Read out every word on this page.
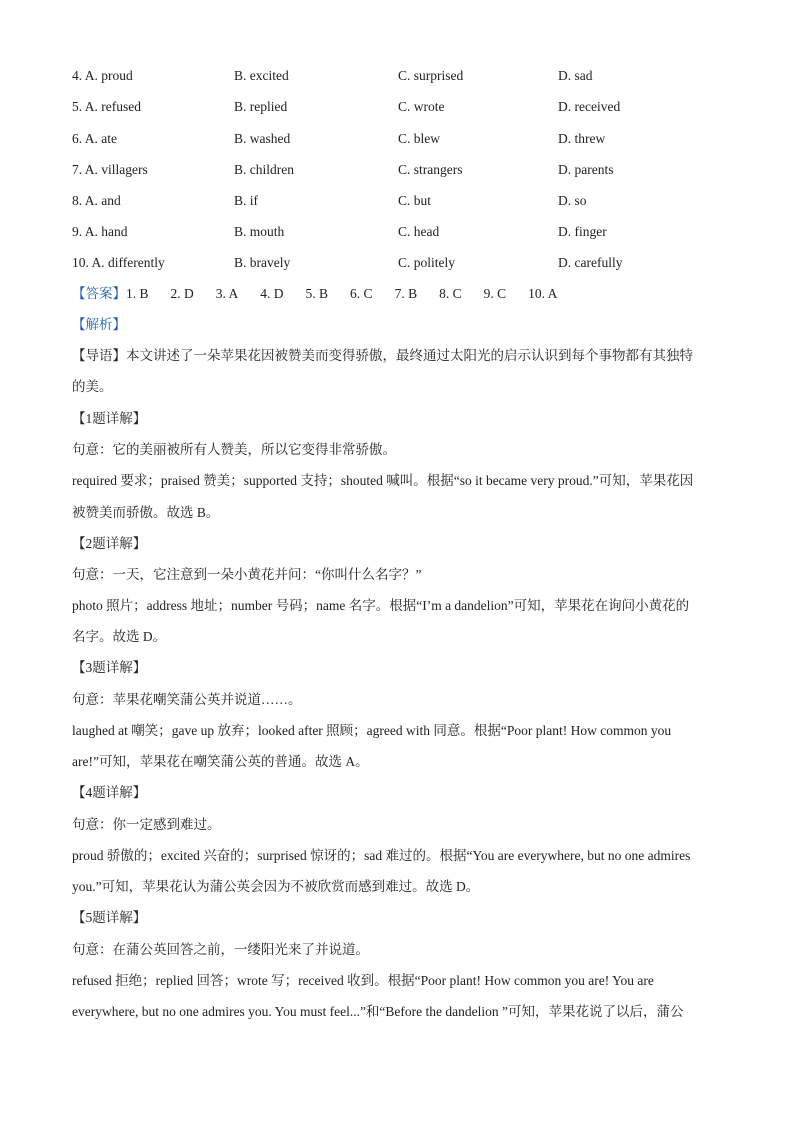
4. A. proud	B. excited	C. surprised	D. sad
5. A. refused	B. replied	C. wrote	D. received
6. A. ate	B. washed	C. blew	D. threw
7. A. villagers	B. children	C. strangers	D. parents
8. A. and	B. if	C. but	D. so
9. A. hand	B. mouth	C. head	D. finger
10. A. differently	B. bravely	C. politely	D. carefully
【答案】1. B 2. D 3. A 4. D 5. B 6. C 7. B 8. C 9. C 10. A
【解析】
【导语】本文讲述了一朵苹果花因被赞美而变得骄傲，最终通过太阳光的启示认识到每个事物都有其独特
的美。
【1题详解】
句意：它的美丽被所有人赞美，所以它变得非常骄傲。
required 要求；praised 赞美；supported 支持；shouted 喊叫。根据“so it became very proud.”可知，苹果花因
被赞美而骄傲。故选 B。
【2题详解】
句意：一天，它注意到一朵小黄花并问：“你叫什么名字？”
photo 照片；address 地址；number 号码；name 名字。根据“I’m a dandelion”可知，苹果花在询问小黄花的
名字。故选 D。
【3题详解】
句意：苹果花嘲笑蒲公英并说道……。
laughed at 嘲笑；gave up 放弃；looked after 照顾；agreed with 同意。根据“Poor plant! How common you
are!”可知，苹果花在嘲笑蒲公英的普通。故选 A。
【4题详解】
句意：你一定感到难过。
proud 骄傲的；excited 兴奋的；surprised 惊讶的；sad 难过的。根据“You are everywhere, but no one admires
you.”可知，苹果花认为蒲公英会因为不被欣赏而感到难过。故选 D。
【5题详解】
句意：在蒲公英回答之前，一缕阳光来了并说道。
refused 拒绝；replied 回答；wrote 写；received 收到。根据“Poor plant! How common you are! You are
everywhere, but no one admires you. You must feel...”和“Before the dandelion ”可知，苹果花说了以后，蒲公
